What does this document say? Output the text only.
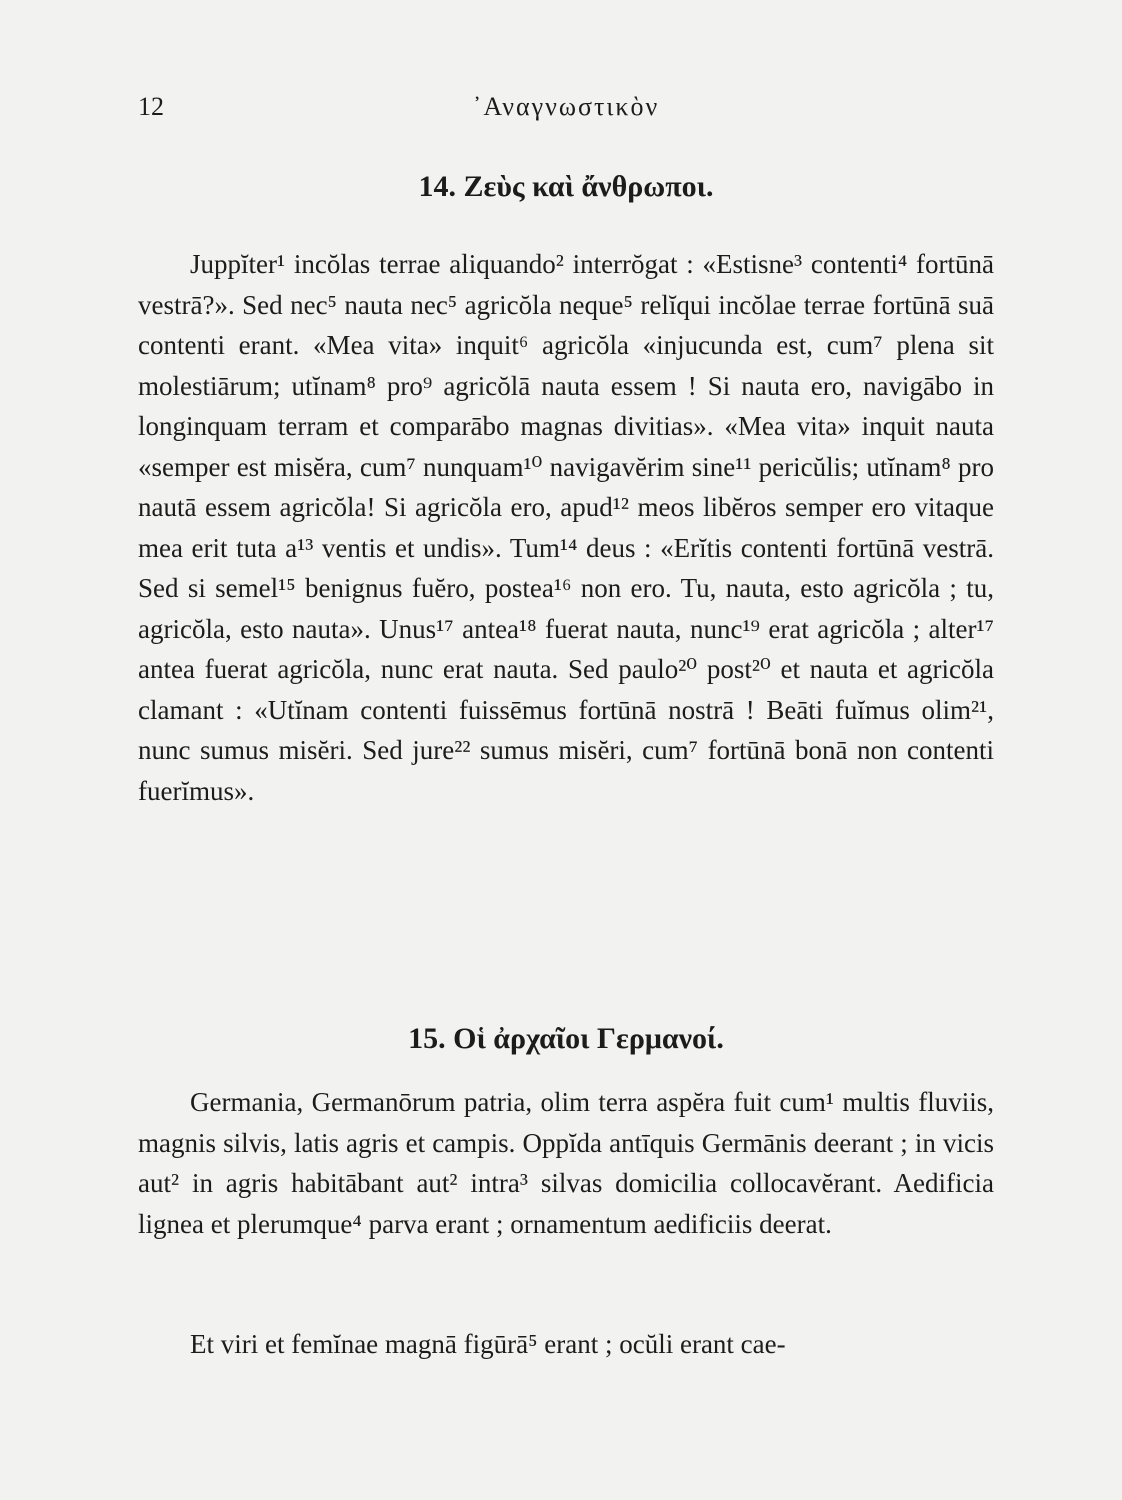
12	᾿Αναγνωστικὸν
14. Ζεὺς καὶ ἄνθρωποι.

Juppĭter¹ incŏlas terrae aliquando² interrŏgat : «Estisne³ contenti⁴ fortūnā vestrā?». Sed nec⁵ nauta nec⁵ agricŏla neque⁵ relĭqui incŏlae terrae fortūnā suā contenti erant. «Mea vita» inquit⁶ agricŏla «injucunda est, cum⁷ plena sit molestiārum; utĭnam⁸ pro⁹ agricŏlā nauta essem ! Si nauta ero, navigābo in longinquam terram et comparābo magnas divitias». «Mea vita» inquit nauta «semper est misĕra, cum⁷ nunquam¹⁰ navigavĕrim sine¹¹ pericŭlis; utĭnam⁸ pro nautā essem agricŏla! Si agricŏla ero, apud¹² meos libĕros semper ero vitaque mea erit tuta a¹³ ventis et undis». Tum¹⁴ deus : «Erĭtis contenti fortūnā vestrā. Sed si semel¹⁵ benignus fuĕro, postea¹⁶ non ero. Tu, nauta, esto agricŏla ; tu, agricŏla, esto nauta». Unus¹⁷ antea¹⁸ fuerat nauta, nunc¹⁹ erat agricŏla ; alter¹⁷ antea fuerat agricŏla, nunc erat nauta. Sed paulo²⁰ post²⁰ et nauta et agricŏla clamant : «Utĭnam contenti fuissēmus fortūnā nostrā ! Beāti fuĭmus olim²¹, nunc sumus misĕri. Sed jure²² sumus misĕri, cum⁷ fortūnā bonā non contenti fuerĭmus».

15. Οἱ ἀρχαῖοι Γερμανοί.

Germania, Germanōrum patria, olim terra aspĕra fuit cum¹ multis fluviis, magnis silvis, latis agris et campis. Oppĭda antīquis Germānis deerant ; in vicis aut² in agris habitābant aut² intra³ silvas domicilia collocavĕrant. Aedificia lignea et plerumque⁴ parva erant ; ornamentum aedificiis deerat.

Et viri et femĭnae magnā figūrā⁵ erant ; ocŭli erant cae-
